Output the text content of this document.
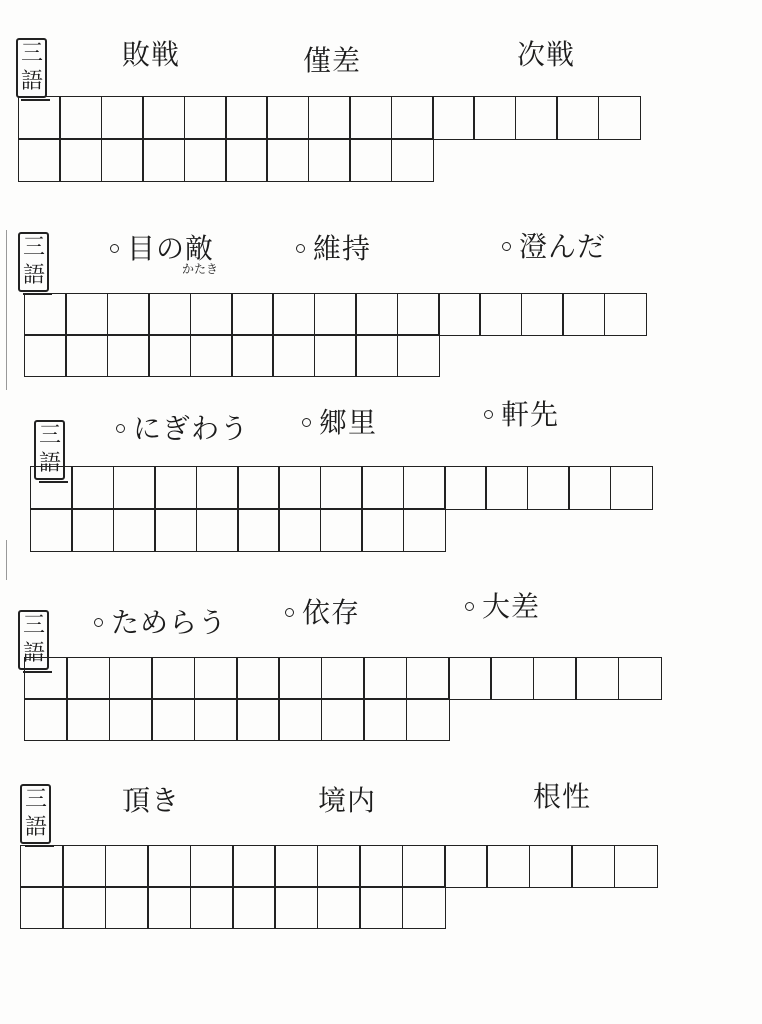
三語
敗戦	僅差	次戦
三語
目の敵
かたき
維持	澄んだ
三語
にぎわう	郷里	軒先
三語
ためらう	依存	大差
三語
頂き	境内	根性
